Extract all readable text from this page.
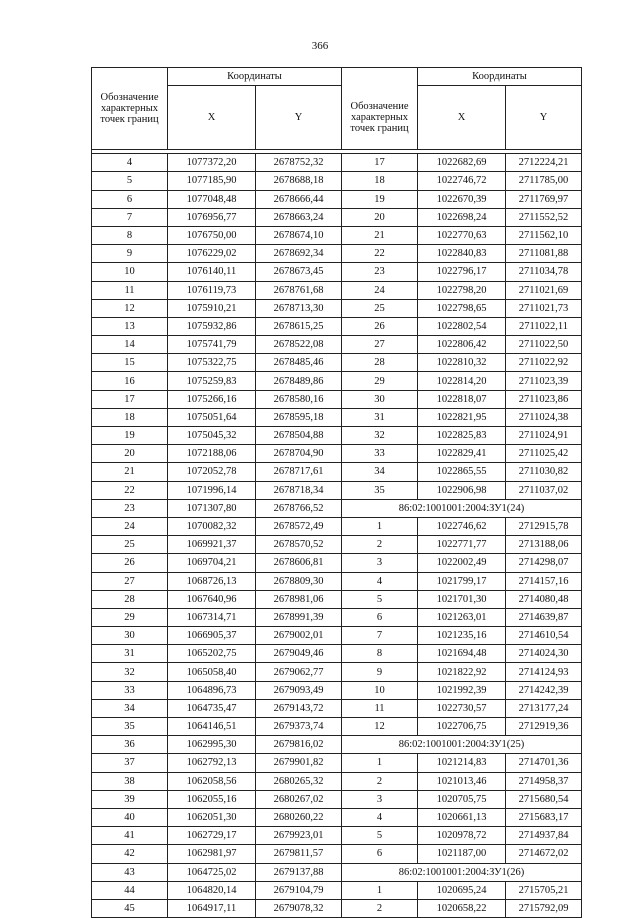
366
Обозначение
характерных
точек границ	Координаты			Координаты	
	X	Y	Обозначение
характерных
точек границ	X	Y

4	1077372,20	2678752,32	17	1022682,69	2712224,21
5	1077185,90	2678688,18	18	1022746,72	2711785,00
6	1077048,48	2678666,44	19	1022670,39	2711769,97
7	1076956,77	2678663,24	20	1022698,24	2711552,52
8	1076750,00	2678674,10	21	1022770,63	2711562,10
9	1076229,02	2678692,34	22	1022840,83	2711081,88
10	1076140,11	2678673,45	23	1022796,17	2711034,78
11	1076119,73	2678761,68	24	1022798,20	2711021,69
12	1075910,21	2678713,30	25	1022798,65	2711021,73
13	1075932,86	2678615,25	26	1022802,54	2711022,11
14	1075741,79	2678522,08	27	1022806,42	2711022,50
15	1075322,75	2678485,46	28	1022810,32	2711022,92
16	1075259,83	2678489,86	29	1022814,20	2711023,39
17	1075266,16	2678580,16	30	1022818,07	2711023,86
18	1075051,64	2678595,18	31	1022821,95	2711024,38
19	1075045,32	2678504,88	32	1022825,83	2711024,91
20	1072188,06	2678704,90	33	1022829,41	2711025,42
21	1072052,78	2678717,61	34	1022865,55	2711030,82
22	1071996,14	2678718,34	35	1022906,98	2711037,02
23	1071307,80	2678766,52	86:02:1001001:2004:ЗУ1(24)		
24	1070082,32	2678572,49	1	1022746,62	2712915,78
25	1069921,37	2678570,52	2	1022771,77	2713188,06
26	1069704,21	2678606,81	3	1022002,49	2714298,07
27	1068726,13	2678809,30	4	1021799,17	2714157,16
28	1067640,96	2678981,06	5	1021701,30	2714080,48
29	1067314,71	2678991,39	6	1021263,01	2714639,87
30	1066905,37	2679002,01	7	1021235,16	2714610,54
31	1065202,75	2679049,46	8	1021694,48	2714024,30
32	1065058,40	2679062,77	9	1021822,92	2714124,93
33	1064896,73	2679093,49	10	1021992,39	2714242,39
34	1064735,47	2679143,72	11	1022730,57	2713177,24
35	1064146,51	2679373,74	12	1022706,75	2712919,36
36	1062995,30	2679816,02	86:02:1001001:2004:ЗУ1(25)		
37	1062792,13	2679901,82	1	1021214,83	2714701,36
38	1062058,56	2680265,32	2	1021013,46	2714958,37
39	1062055,16	2680267,02	3	1020705,75	2715680,54
40	1062051,30	2680260,22	4	1020661,13	2715683,17
41	1062729,17	2679923,01	5	1020978,72	2714937,84
42	1062981,97	2679811,57	6	1021187,00	2714672,02
43	1064725,02	2679137,88	86:02:1001001:2004:ЗУ1(26)		
44	1064820,14	2679104,79	1	1020695,24	2715705,21
45	1064917,11	2679078,32	2	1020658,22	2715792,09
